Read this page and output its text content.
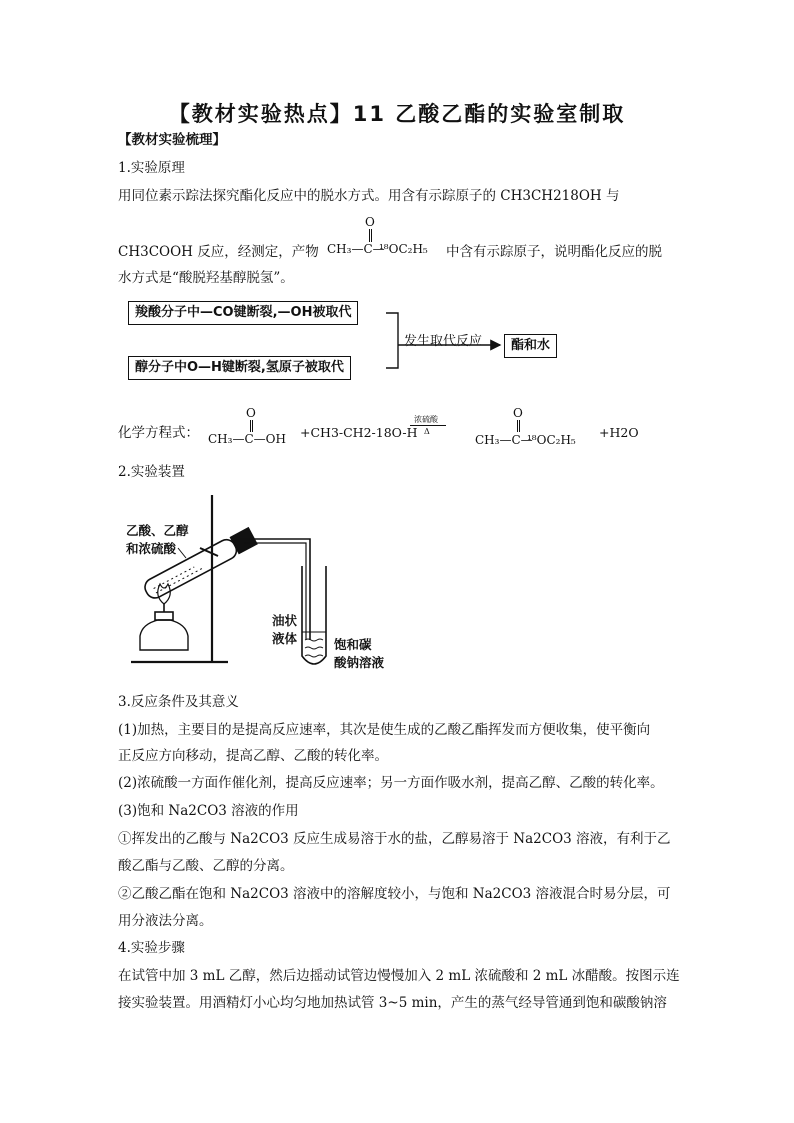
【教材实验热点】11 乙酸乙酯的实验室制取
【教材实验梳理】
1.实验原理
用同位素示踪法探究酯化反应中的脱水方式。用含有示踪原子的 CH3CH218OH 与
CH3COOH 反应，经测定，产物
O
CH₃—C—
¹⁸OC₂H₅ 中含有示踪原子，说明酯化反应的脱
水方式是“酸脱羟基醇脱氢”。
羧酸分子中—CO键断裂,—OH被取代
醇分子中O—H键断裂,氢原子被取代
发生取代反应	酯和水
化学方程式：
O
CH₃—C—OH +CH3-CH2-18O-H
浓硫酸
Δ
O
CH₃—C—
¹⁸OC₂H₅ +H2O
2.实验装置
乙酸、乙醇
和浓硫酸
油状
液体	饱和碳
酸钠溶液
3.反应条件及其意义
(1)加热，主要目的是提高反应速率，其次是使生成的乙酸乙酯挥发而方便收集，使平衡向
正反应方向移动，提高乙醇、乙酸的转化率。
(2)浓硫酸一方面作催化剂，提高反应速率；另一方面作吸水剂，提高乙醇、乙酸的转化率。
(3)饱和 Na2CO3 溶液的作用
①挥发出的乙酸与 Na2CO3 反应生成易溶于水的盐，乙醇易溶于 Na2CO3 溶液，有利于乙
酸乙酯与乙酸、乙醇的分离。
②乙酸乙酯在饱和 Na2CO3 溶液中的溶解度较小，与饱和 Na2CO3 溶液混合时易分层，可
用分液法分离。
4.实验步骤
在试管中加 3 mL 乙醇，然后边摇动试管边慢慢加入 2 mL 浓硫酸和 2 mL 冰醋酸。按图示连
接实验装置。用酒精灯小心均匀地加热试管 3~5 min，产生的蒸气经导管通到饱和碳酸钠溶
